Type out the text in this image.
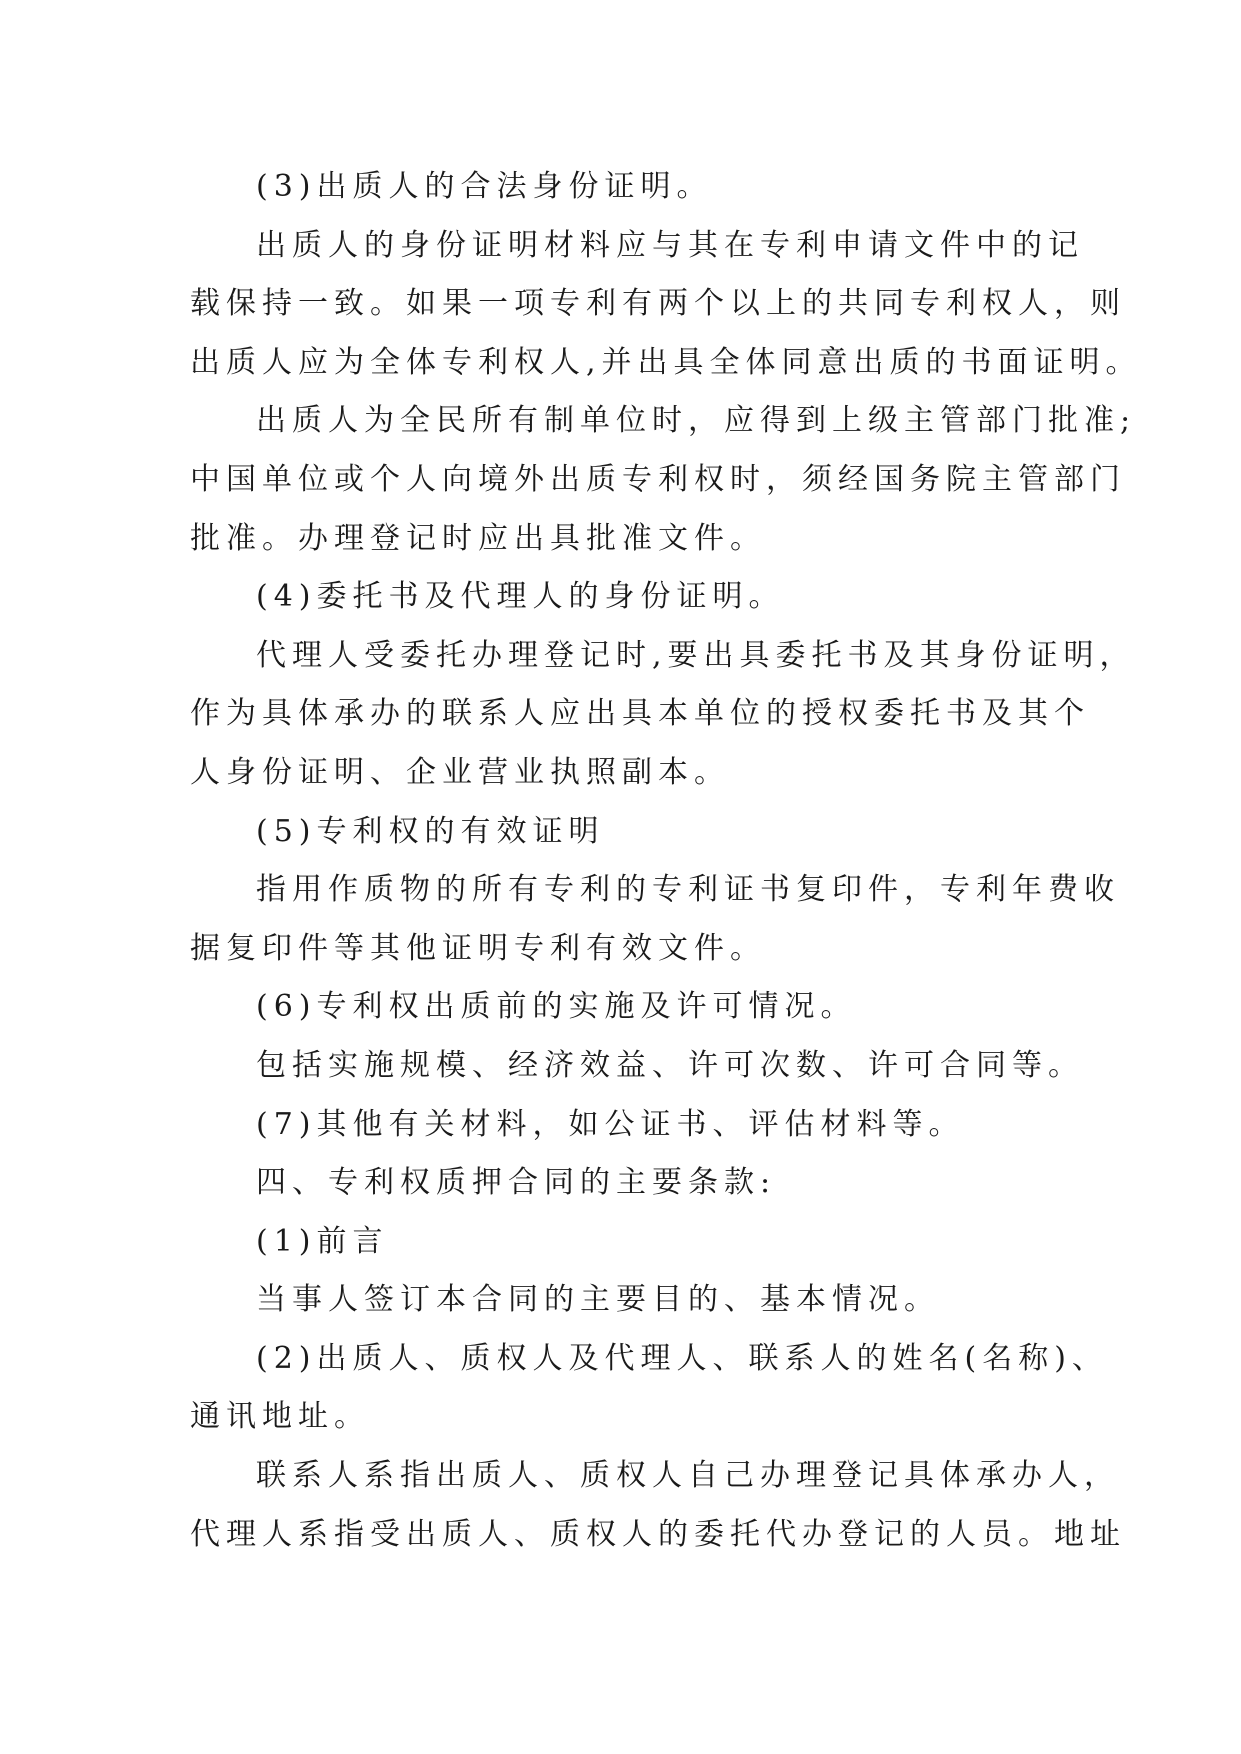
(3)出质人的合法身份证明。
出质人的身份证明材料应与其在专利申请文件中的记
载保持一致。如果一项专利有两个以上的共同专利权人，则
出质人应为全体专利权人,并出具全体同意出质的书面证明。
出质人为全民所有制单位时，应得到上级主管部门批准;
中国单位或个人向境外出质专利权时，须经国务院主管部门
批准。办理登记时应出具批准文件。
(4)委托书及代理人的身份证明。
代理人受委托办理登记时,要出具委托书及其身份证明，
作为具体承办的联系人应出具本单位的授权委托书及其个
人身份证明、企业营业执照副本。
(5)专利权的有效证明
指用作质物的所有专利的专利证书复印件，专利年费收
据复印件等其他证明专利有效文件。
(6)专利权出质前的实施及许可情况。
包括实施规模、经济效益、许可次数、许可合同等。
(7)其他有关材料，如公证书、评估材料等。
四、专利权质押合同的主要条款:
(1)前言
当事人签订本合同的主要目的、基本情况。
(2)出质人、质权人及代理人、联系人的姓名(名称)、
通讯地址。
联系人系指出质人、质权人自己办理登记具体承办人，
代理人系指受出质人、质权人的委托代办登记的人员。地址
